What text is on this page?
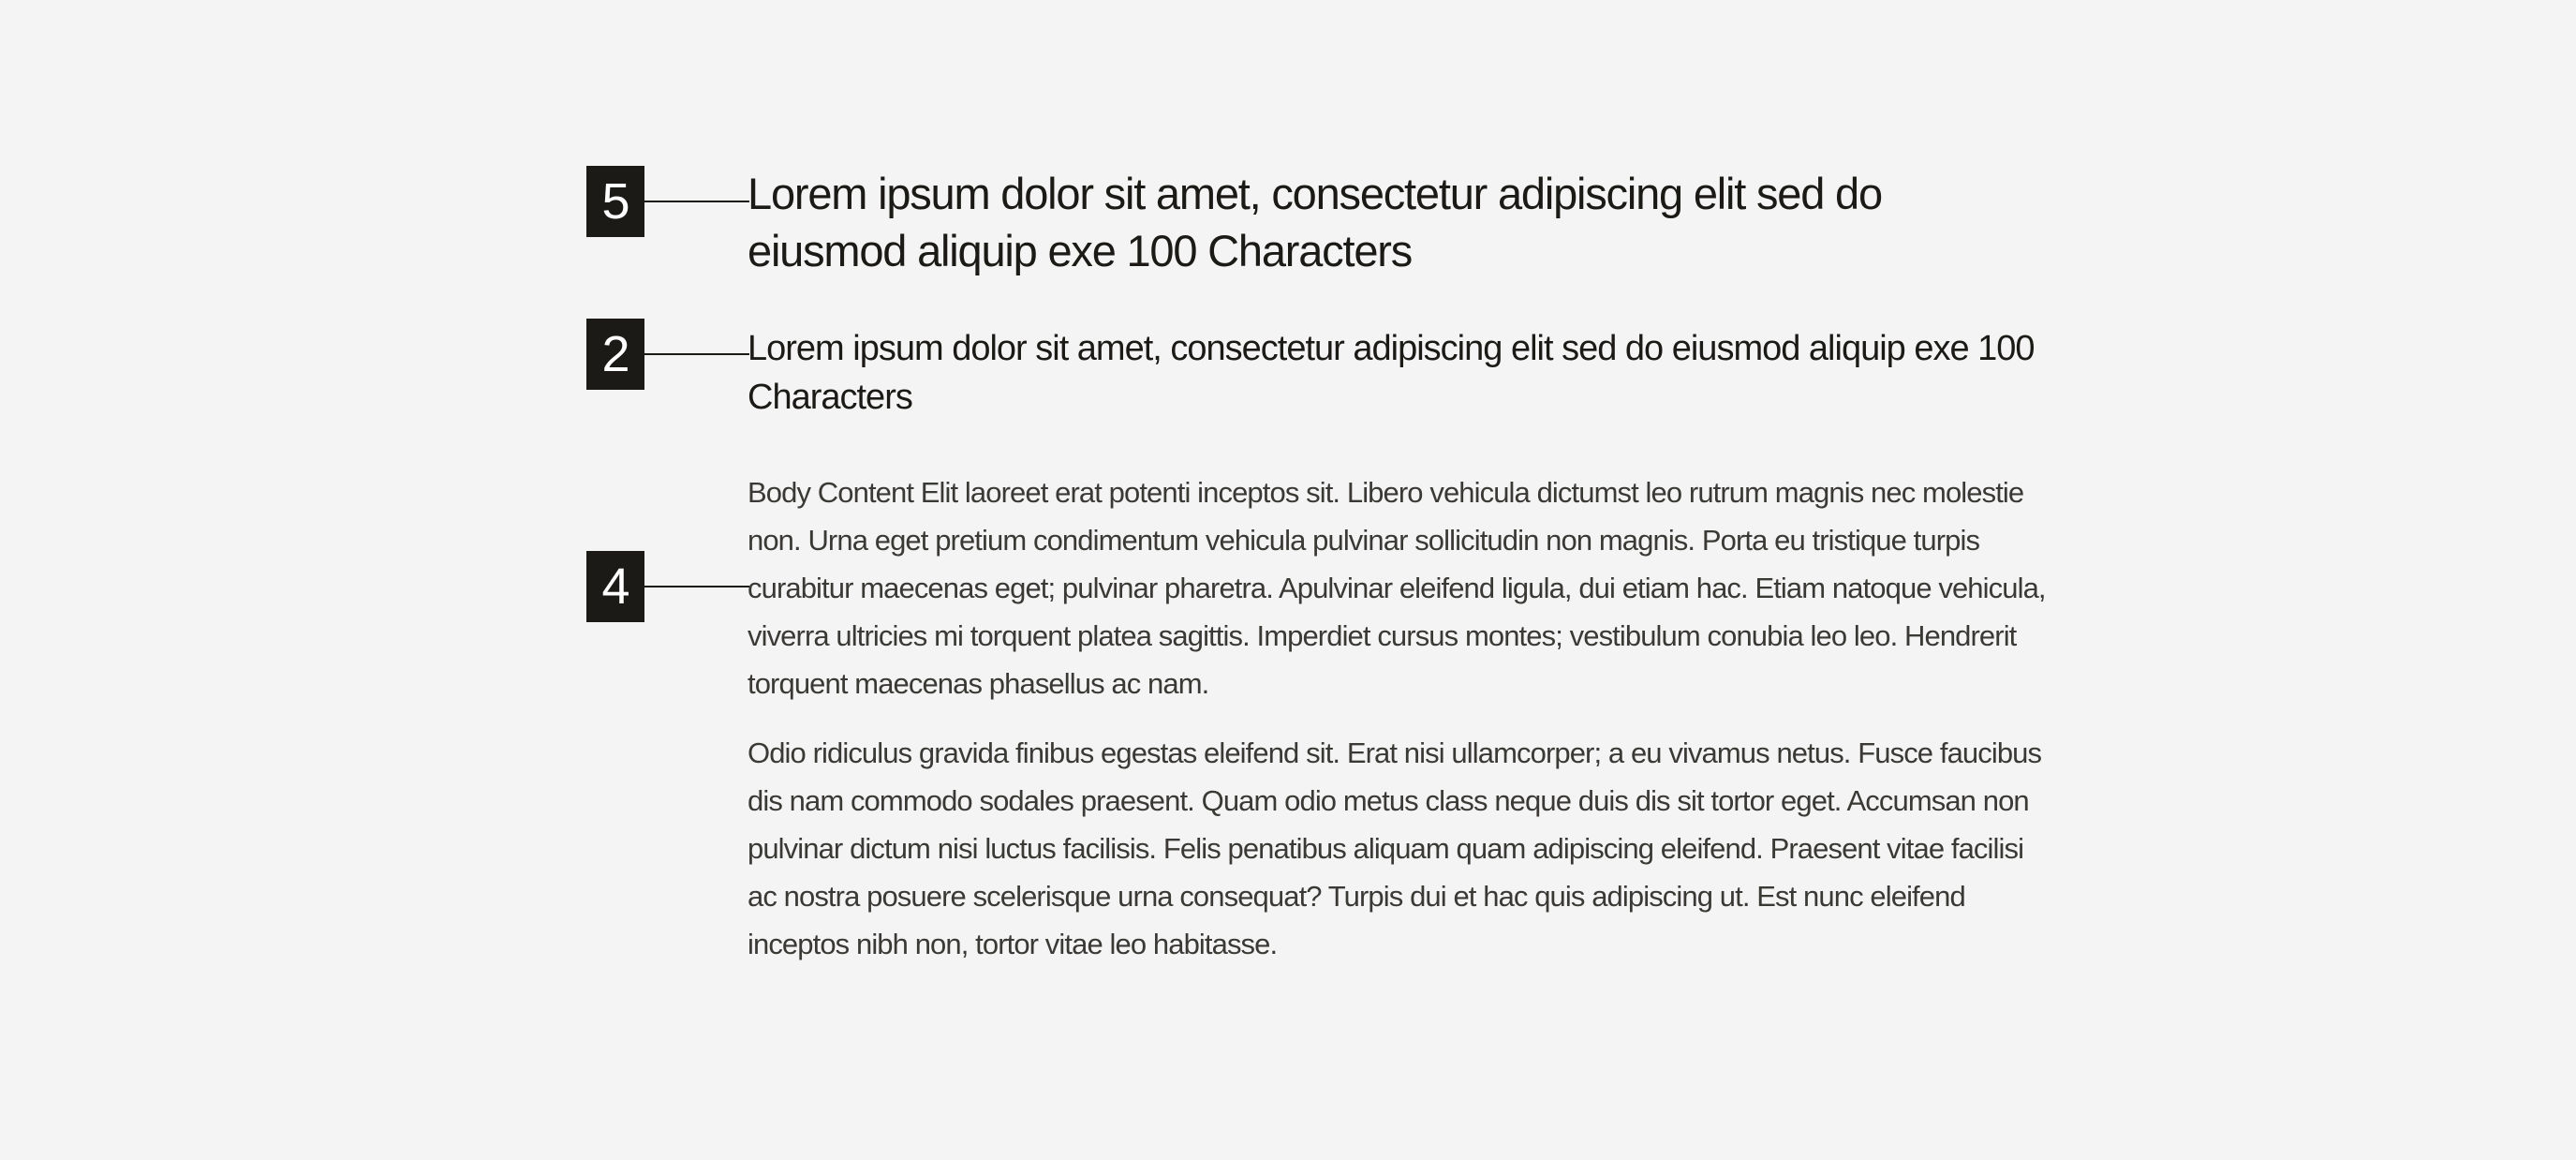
5
2
4
Lorem ipsum dolor sit amet, consectetur adipiscing elit sed do eiusmod aliquip exe 100 Characters
Lorem ipsum dolor sit amet, consectetur adipiscing elit sed do eiusmod aliquip exe 100 Characters

Body Content Elit laoreet erat potenti inceptos sit. Libero vehicula dictumst leo rutrum magnis nec molestie non. Urna eget pretium condimentum vehicula pulvinar sollicitudin non magnis. Porta eu tristique turpis curabitur maecenas eget; pulvinar pharetra. Apulvinar eleifend ligula, dui etiam hac. Etiam natoque vehicula, viverra ultricies mi torquent platea sagittis. Imperdiet cursus montes; vestibulum conubia leo leo. Hendrerit torquent maecenas phasellus ac nam.

Odio ridiculus gravida finibus egestas eleifend sit. Erat nisi ullamcorper; a eu vivamus netus. Fusce faucibus dis nam commodo sodales praesent. Quam odio metus class neque duis dis sit tortor eget. Accumsan non pulvinar dictum nisi luctus facilisis. Felis penatibus aliquam quam adipiscing eleifend. Praesent vitae facilisi ac nostra posuere scelerisque urna consequat? Turpis dui et hac quis adipiscing ut. Est nunc eleifend inceptos nibh non, tortor vitae leo habitasse.
